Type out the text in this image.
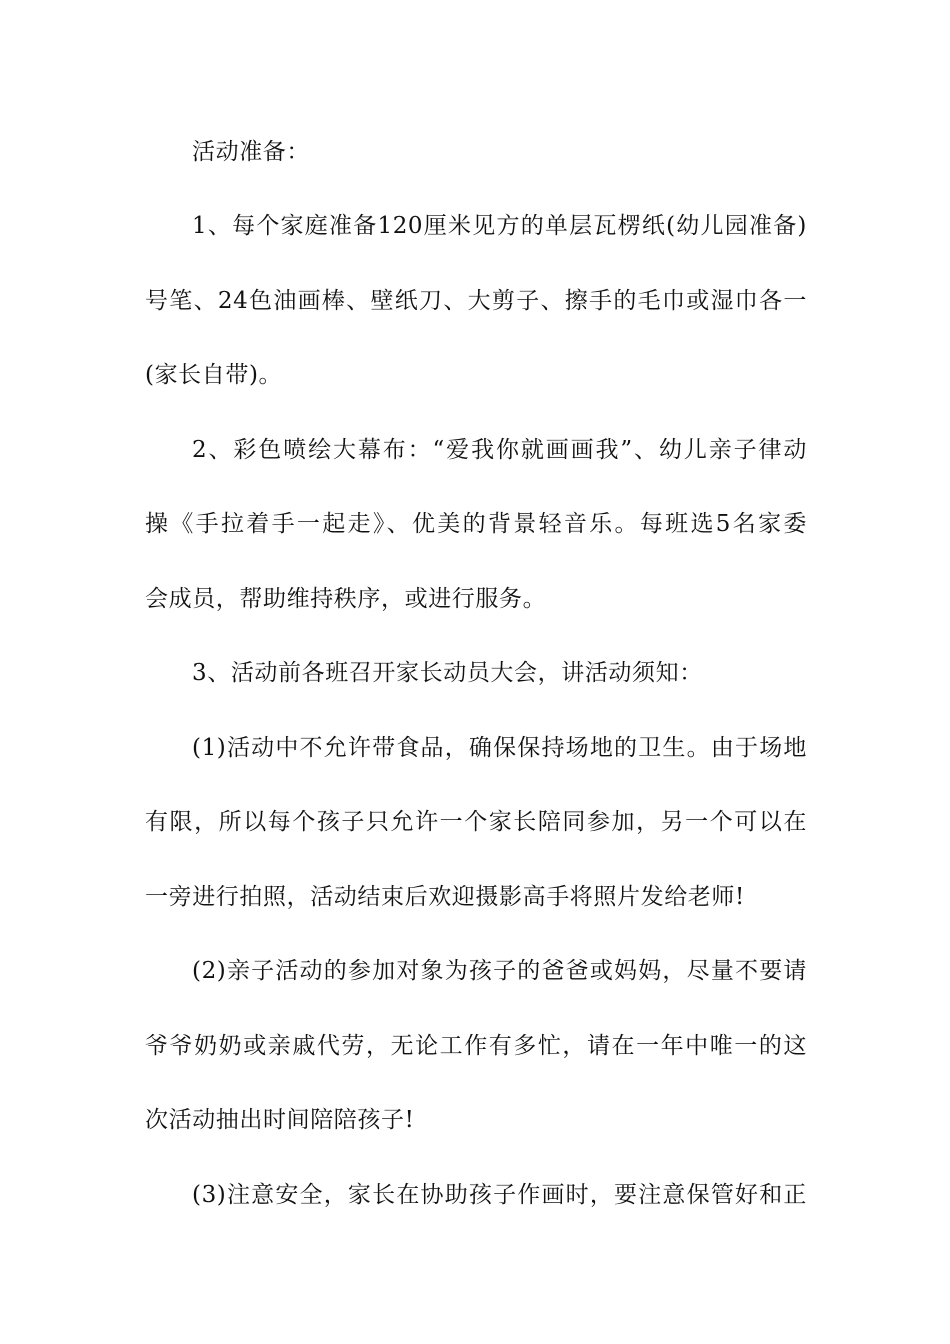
活动准备：
1、每个家庭准备120厘米见方的单层瓦楞纸(幼儿园准备)
号笔、24色油画棒、壁纸刀、大剪子、擦手的毛巾或湿巾各一
(家长自带)。
2、彩色喷绘大幕布：“爱我你就画画我”、幼儿亲子律动
操《手拉着手一起走》、优美的背景轻音乐。每班选5名家委
会成员，帮助维持秩序，或进行服务。
3、活动前各班召开家长动员大会，讲活动须知：
(1)活动中不允许带食品，确保保持场地的卫生。由于场地
有限，所以每个孩子只允许一个家长陪同参加，另一个可以在
一旁进行拍照，活动结束后欢迎摄影高手将照片发给老师!
(2)亲子活动的参加对象为孩子的爸爸或妈妈，尽量不要请
爷爷奶奶或亲戚代劳，无论工作有多忙，请在一年中唯一的这
次活动抽出时间陪陪孩子!
(3)注意安全，家长在协助孩子作画时，要注意保管好和正
